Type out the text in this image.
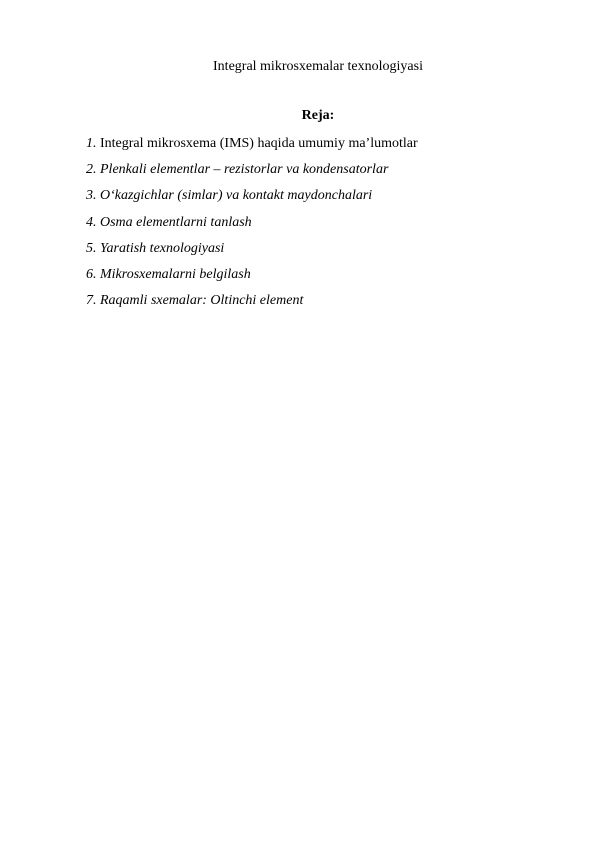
Integral mikrosxemalar texnologiyasi
Reja:
1. Integral mikrosxema (IMS) haqida umumiy ma’lumotlar
2. Plenkali elementlar – rezistorlar va kondensatorlar
3. O‘kazgichlar (simlar) va kontakt maydonchalari
4. Osma elementlarni tanlash
5. Yaratish texnologiyasi
6. Mikrosxemalarni belgilash
7. Raqamli sxemalar: Oltinchi element
